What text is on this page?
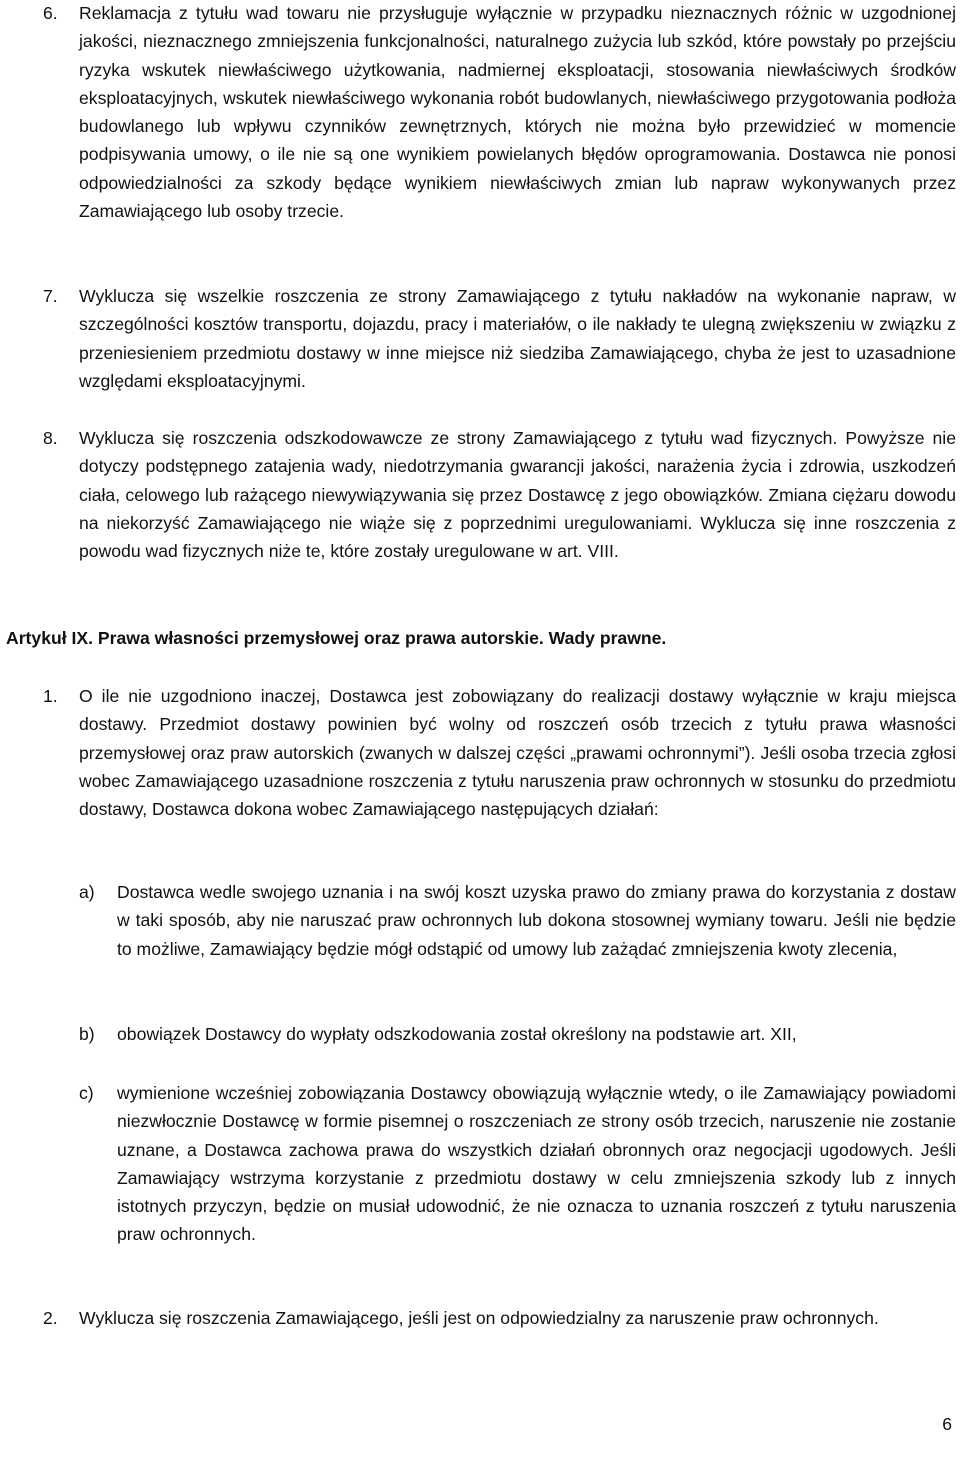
6.	Reklamacja z tytułu wad towaru nie przysługuje wyłącznie w przypadku nieznacznych różnic w uzgodnionej jakości, nieznacznego zmniejszenia funkcjonalności, naturalnego zużycia lub szkód, które powstały po przejściu ryzyka wskutek niewłaściwego użytkowania, nadmiernej eksploatacji, stosowania niewłaściwych środków eksploatacyjnych, wskutek niewłaściwego wykonania robót budowlanych, niewłaściwego przygotowania podłoża budowlanego lub wpływu czynników zewnętrznych, których nie można było przewidzieć w momencie podpisywania umowy, o ile nie są one wynikiem powielanych błędów oprogramowania. Dostawca nie ponosi odpowiedzialności za szkody będące wynikiem niewłaściwych zmian lub napraw wykonywanych przez Zamawiającego lub osoby trzecie.
7.	Wyklucza się wszelkie roszczenia ze strony Zamawiającego z tytułu nakładów na wykonanie napraw, w szczególności kosztów transportu, dojazdu, pracy i materiałów, o ile nakłady te ulegną zwiększeniu w związku z przeniesieniem przedmiotu dostawy w inne miejsce niż siedziba Zamawiającego, chyba że jest to uzasadnione względami eksploatacyjnymi.
8.	Wyklucza się roszczenia odszkodowawcze ze strony Zamawiającego z tytułu wad fizycznych. Powyższe nie dotyczy podstępnego zatajenia wady, niedotrzymania gwarancji jakości, narażenia życia i zdrowia, uszkodzeń ciała, celowego lub rażącego niewywiązywania się przez Dostawcę z jego obowiązków. Zmiana ciężaru dowodu na niekorzyść Zamawiającego nie wiąże się z poprzednimi uregulowaniami. Wyklucza się inne roszczenia z powodu wad fizycznych niże te, które zostały uregulowane w art. VIII.
Artykuł IX. Prawa własności przemysłowej oraz prawa autorskie. Wady prawne.
1.	O ile nie uzgodniono inaczej, Dostawca jest zobowiązany do realizacji dostawy wyłącznie w kraju miejsca dostawy. Przedmiot dostawy powinien być wolny od roszczeń osób trzecich z tytułu prawa własności przemysłowej oraz praw autorskich (zwanych w dalszej części „prawami ochronnymi”). Jeśli osoba trzecia zgłosi wobec Zamawiającego uzasadnione roszczenia z tytułu naruszenia praw ochronnych w stosunku do przedmiotu dostawy, Dostawca dokona wobec Zamawiającego następujących działań:
a)	Dostawca wedle swojego uznania i na swój koszt uzyska prawo do zmiany prawa do korzystania z dostaw w taki sposób, aby nie naruszać praw ochronnych lub dokona stosownej wymiany towaru. Jeśli nie będzie to możliwe, Zamawiający będzie mógł odstąpić od umowy lub zażądać zmniejszenia kwoty zlecenia,
b)	obowiązek Dostawcy do wypłaty odszkodowania został określony na podstawie art. XII,
c)	wymienione wcześniej zobowiązania Dostawcy obowiązują wyłącznie wtedy, o ile Zamawiający powiadomi niezwłocznie Dostawcę w formie pisemnej o roszczeniach ze strony osób trzecich, naruszenie nie zostanie uznane, a Dostawca zachowa prawa do wszystkich działań obronnych oraz negocjacji ugodowych. Jeśli Zamawiający wstrzyma korzystanie z przedmiotu dostawy w celu zmniejszenia szkody lub z innych istotnych przyczyn, będzie on musiał udowodnić, że nie oznacza to uznania roszczeń z tytułu naruszenia praw ochronnych.
2.	Wyklucza się roszczenia Zamawiającego, jeśli jest on odpowiedzialny za naruszenie praw ochronnych.
6
